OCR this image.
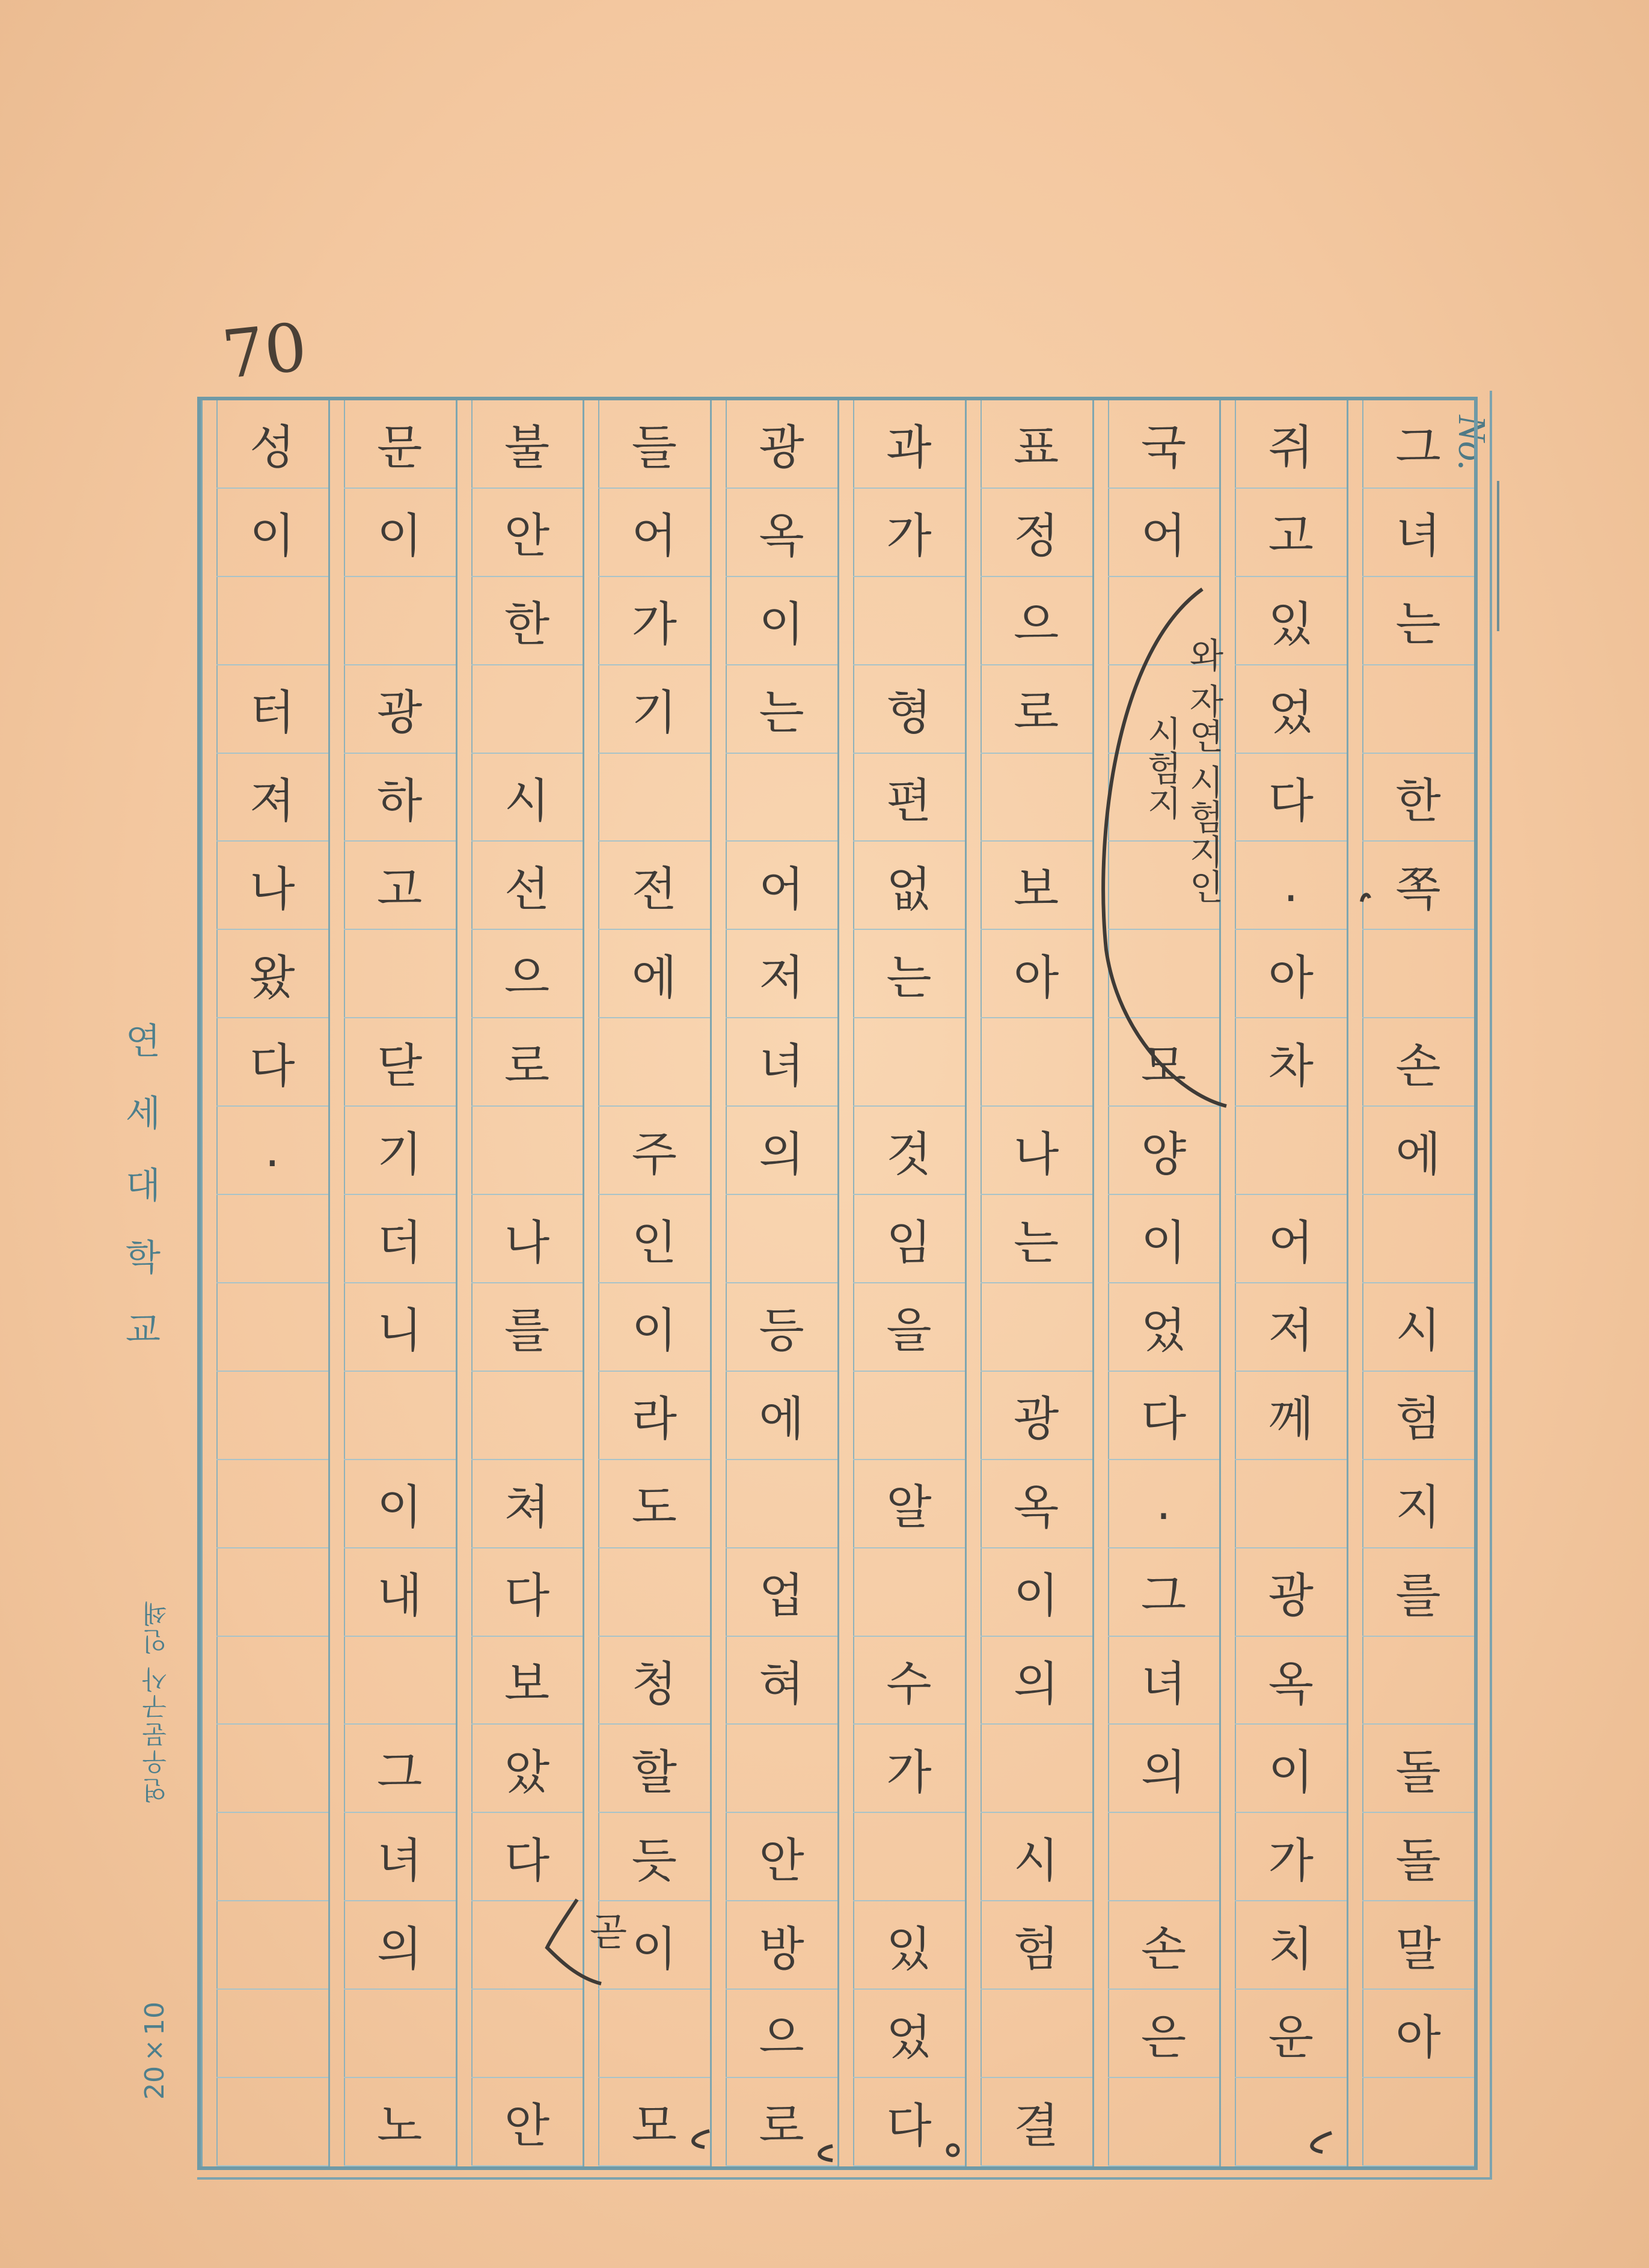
70
No.
연세대학교
연우문구사 인쇄
20×10
성
이
터
져
나
왔
다
.
문
이
광
하
고
닫
기
더
니
이
내
그
녀
의
노
불
안
한
시
선
으
로
나
를
쳐
다
보
았
다
안
들
어
가
기
전
에
주
인
이
라
도
청
할
듯
이
모
광
옥
이
는
어
저
녀
의
등
에
업
혀
안
방
으
로
과
가
형
편
없
는
것
임
을
알
수
가
있
었
다
표
정
으
로
보
아
나
는
광
옥
이
의
시
험
결
국
어
모
양
이
었
다
.
그
녀
의
손
은
쥐
고
있
었
다
.
아
차
어
저
께
광
옥
이
가
치
운
그
녀
는
한
쪽
손
에
시
험
지
를
돌
돌
말
아
와 자연 시험지인
시험지
곧
